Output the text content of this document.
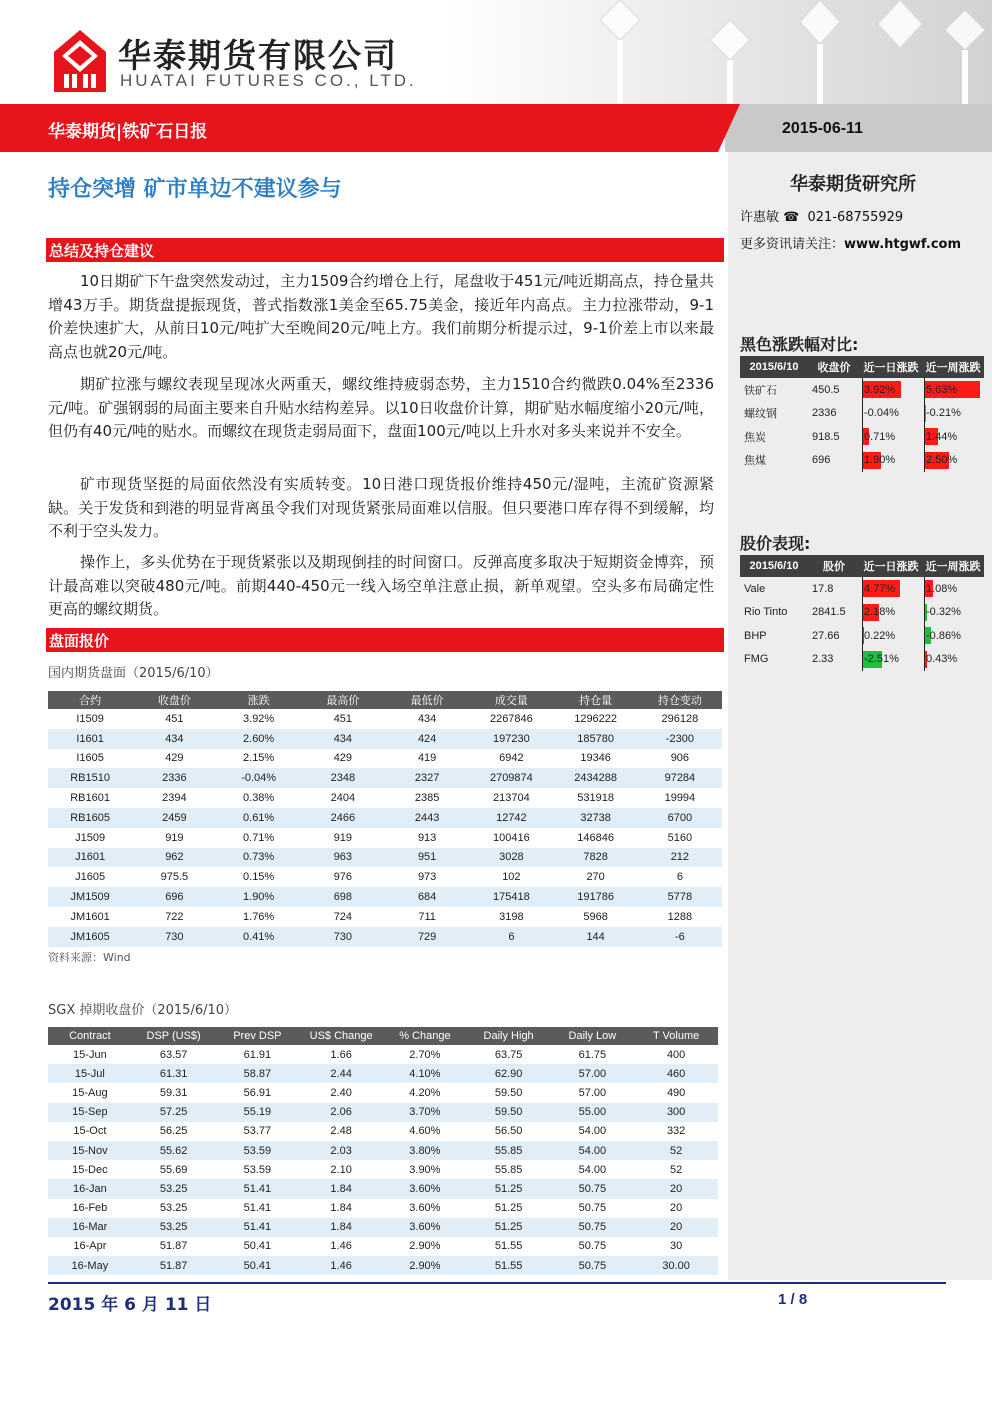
华泰期货有限公司
HUATAI FUTURES CO., LTD.
华泰期货|铁矿石日报	2015-06-11
华泰期货研究所
许惠敏 ☎ 021-68755929
更多资讯请关注：www.htgwf.com
黑色涨跌幅对比:
2015/6/10	收盘价	近一日涨跌	近一周涨跌
铁矿石	450.5	3.92%	5.63%
螺纹钢	2336	-0.04%	-0.21%
焦炭	918.5	0.71%	1.44%
焦煤	696	1.90%	2.50%
股价表现:
2015/6/10	股价	近一日涨跌	近一周涨跌
Vale	17.8	4.77%	1.08%
Rio Tinto	2841.5	2.18%	-0.32%
BHP	27.66	0.22%	-0.86%
FMG	2.33	-2.51%	0.43%
持仓突增 矿市单边不建议参与
总结及持仓建议
10日期矿下午盘突然发动过，主力1509合约增仓上行，尾盘收于451元/吨近期高点，持仓量共增43万手。期货盘提振现货，普式指数涨1美金至65.75美金，接近年内高点。主力拉涨带动，9-1价差快速扩大，从前日10元/吨扩大至晚间20元/吨上方。我们前期分析提示过，9-1价差上市以来最高点也就20元/吨。
期矿拉涨与螺纹表现呈现冰火两重天，螺纹维持疲弱态势，主力1510合约微跌0.04%至2336元/吨。矿强钢弱的局面主要来自升贴水结构差异。以10日收盘价计算，期矿贴水幅度缩小20元/吨，但仍有40元/吨的贴水。而螺纹在现货走弱局面下，盘面100元/吨以上升水对多头来说并不安全。
矿市现货坚挺的局面依然没有实质转变。10日港口现货报价维持450元/湿吨，主流矿资源紧缺。关于发货和到港的明显背离虽令我们对现货紧张局面难以信服。但只要港口库存得不到缓解，均不利于空头发力。
操作上，多头优势在于现货紧张以及期现倒挂的时间窗口。反弹高度多取决于短期资金博弈，预计最高难以突破480元/吨。前期440-450元一线入场空单注意止损，新单观望。空头多布局确定性更高的螺纹期货。
盘面报价
国内期货盘面（2015/6/10）
合约	收盘价	涨跌	最高价	最低价	成交量	持仓量	持仓变动
I1509	451	3.92%	451	434	2267846	1296222	296128
I1601	434	2.60%	434	424	197230	185780	-2300
I1605	429	2.15%	429	419	6942	19346	906
RB1510	2336	-0.04%	2348	2327	2709874	2434288	97284
RB1601	2394	0.38%	2404	2385	213704	531918	19994
RB1605	2459	0.61%	2466	2443	12742	32738	6700
J1509	919	0.71%	919	913	100416	146846	5160
J1601	962	0.73%	963	951	3028	7828	212
J1605	975.5	0.15%	976	973	102	270	6
JM1509	696	1.90%	698	684	175418	191786	5778
JM1601	722	1.76%	724	711	3198	5968	1288
JM1605	730	0.41%	730	729	6	144	-6
资料来源：Wind
SGX 掉期收盘价（2015/6/10）
Contract	DSP (US$)	Prev DSP	US$ Change	% Change	Daily High	Daily Low	T Volume
15-Jun	63.57	61.91	1.66	2.70%	63.75	61.75	400
15-Jul	61.31	58.87	2.44	4.10%	62.90	57.00	460
15-Aug	59.31	56.91	2.40	4.20%	59.50	57.00	490
15-Sep	57.25	55.19	2.06	3.70%	59.50	55.00	300
15-Oct	56.25	53.77	2.48	4.60%	56.50	54.00	332
15-Nov	55.62	53.59	2.03	3.80%	55.85	54.00	52
15-Dec	55.69	53.59	2.10	3.90%	55.85	54.00	52
16-Jan	53.25	51.41	1.84	3.60%	51.25	50.75	20
16-Feb	53.25	51.41	1.84	3.60%	51.25	50.75	20
16-Mar	53.25	51.41	1.84	3.60%	51.25	50.75	20
16-Apr	51.87	50.41	1.46	2.90%	51.55	50.75	30
16-May	51.87	50.41	1.46	2.90%	51.55	50.75	30.00
2015 年 6 月 11 日	1 / 8
